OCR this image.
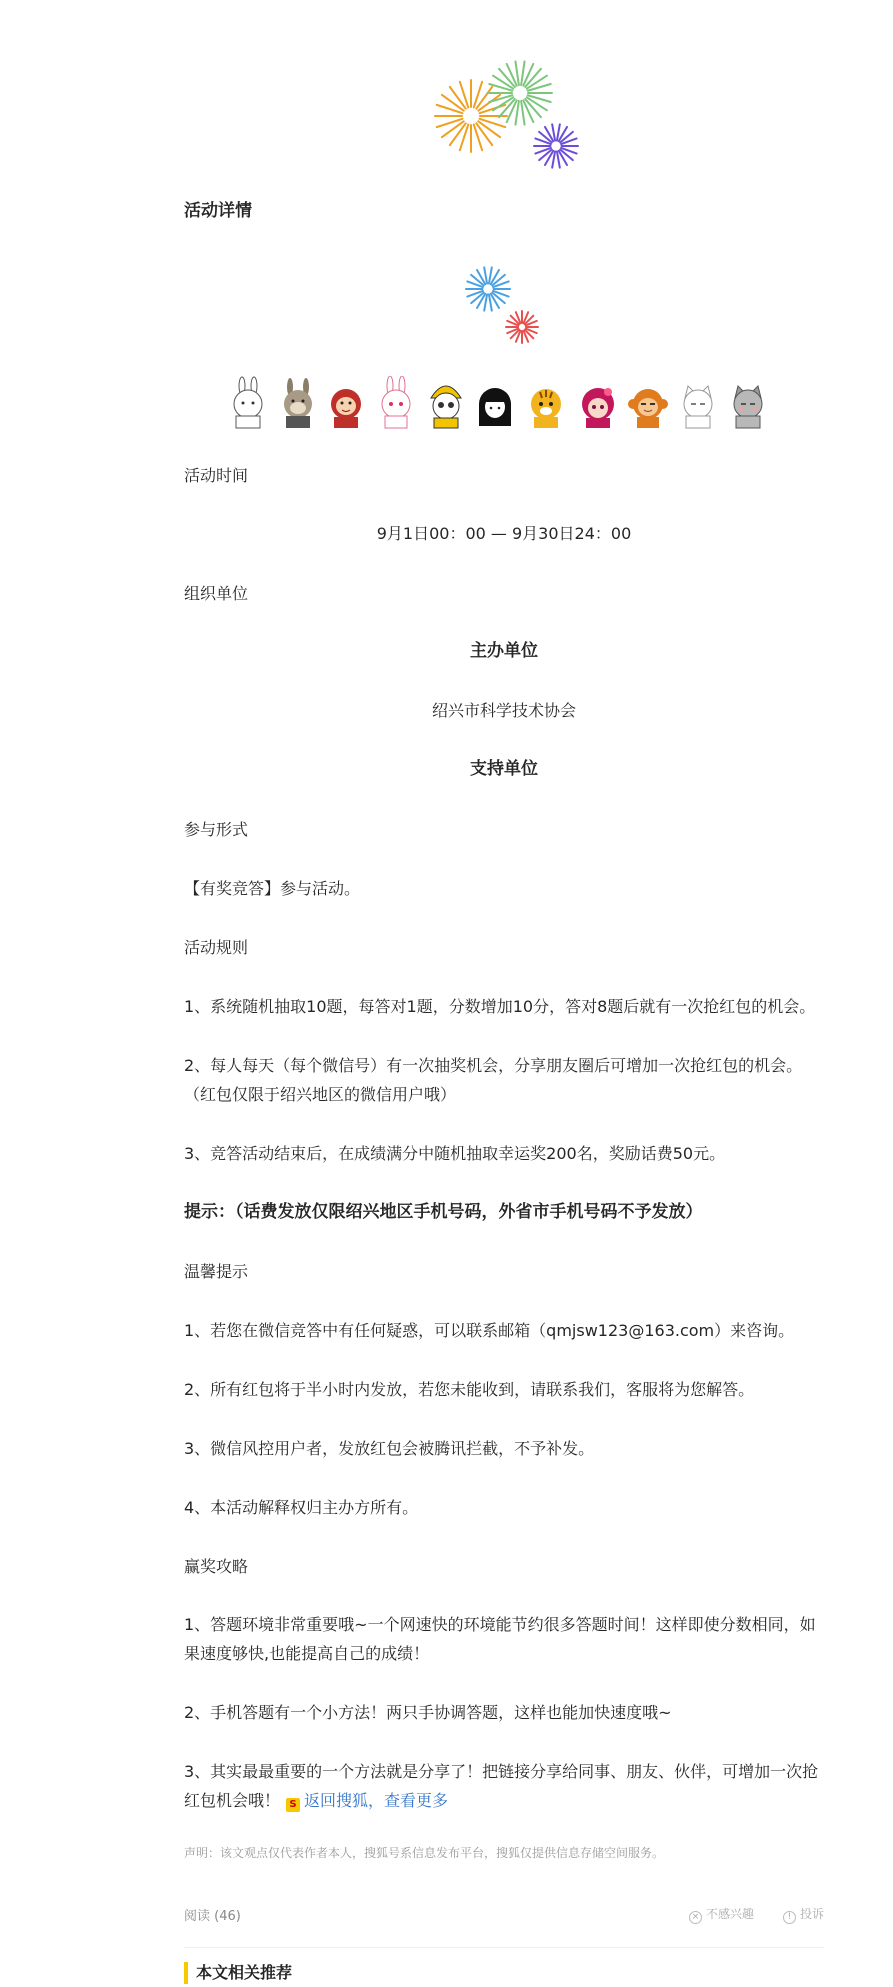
活动详情

活动时间

9月1日00：00 — 9月30日24：00

组织单位

主办单位

绍兴市科学技术协会

支持单位

参与形式

【有奖竞答】参与活动。

活动规则

1、系统随机抽取10题，每答对1题，分数增加10分，答对8题后就有一次抢红包的机会。

2、每人每天（每个微信号）有一次抽奖机会，分享朋友圈后可增加一次抢红包的机会。（红包仅限于绍兴地区的微信用户哦）

3、竞答活动结束后，在成绩满分中随机抽取幸运奖200名，奖励话费50元。

提示：（话费发放仅限绍兴地区手机号码，外省市手机号码不予发放）

温馨提示

1、若您在微信竞答中有任何疑惑，可以联系邮箱（qmjsw123@163.com）来咨询。

2、所有红包将于半小时内发放，若您未能收到，请联系我们，客服将为您解答。

3、微信风控用户者，发放红包会被腾讯拦截，不予补发。

4、本活动解释权归主办方所有。

赢奖攻略

1、答题环境非常重要哦~一个网速快的环境能节约很多答题时间！这样即使分数相同，如果速度够快,也能提高自己的成绩！

2、手机答题有一个小方法！两只手协调答题，这样也能加快速度哦~

3、其实最最重要的一个方法就是分享了！把链接分享给同事、朋友、伙伴，可增加一次抢红包机会哦！ S 返回搜狐，查看更多

声明：该文观点仅代表作者本人，搜狐号系信息发布平台，搜狐仅提供信息存储空间服务。
阅读 (46)	× 不感兴趣	! 投诉
本文相关推荐
